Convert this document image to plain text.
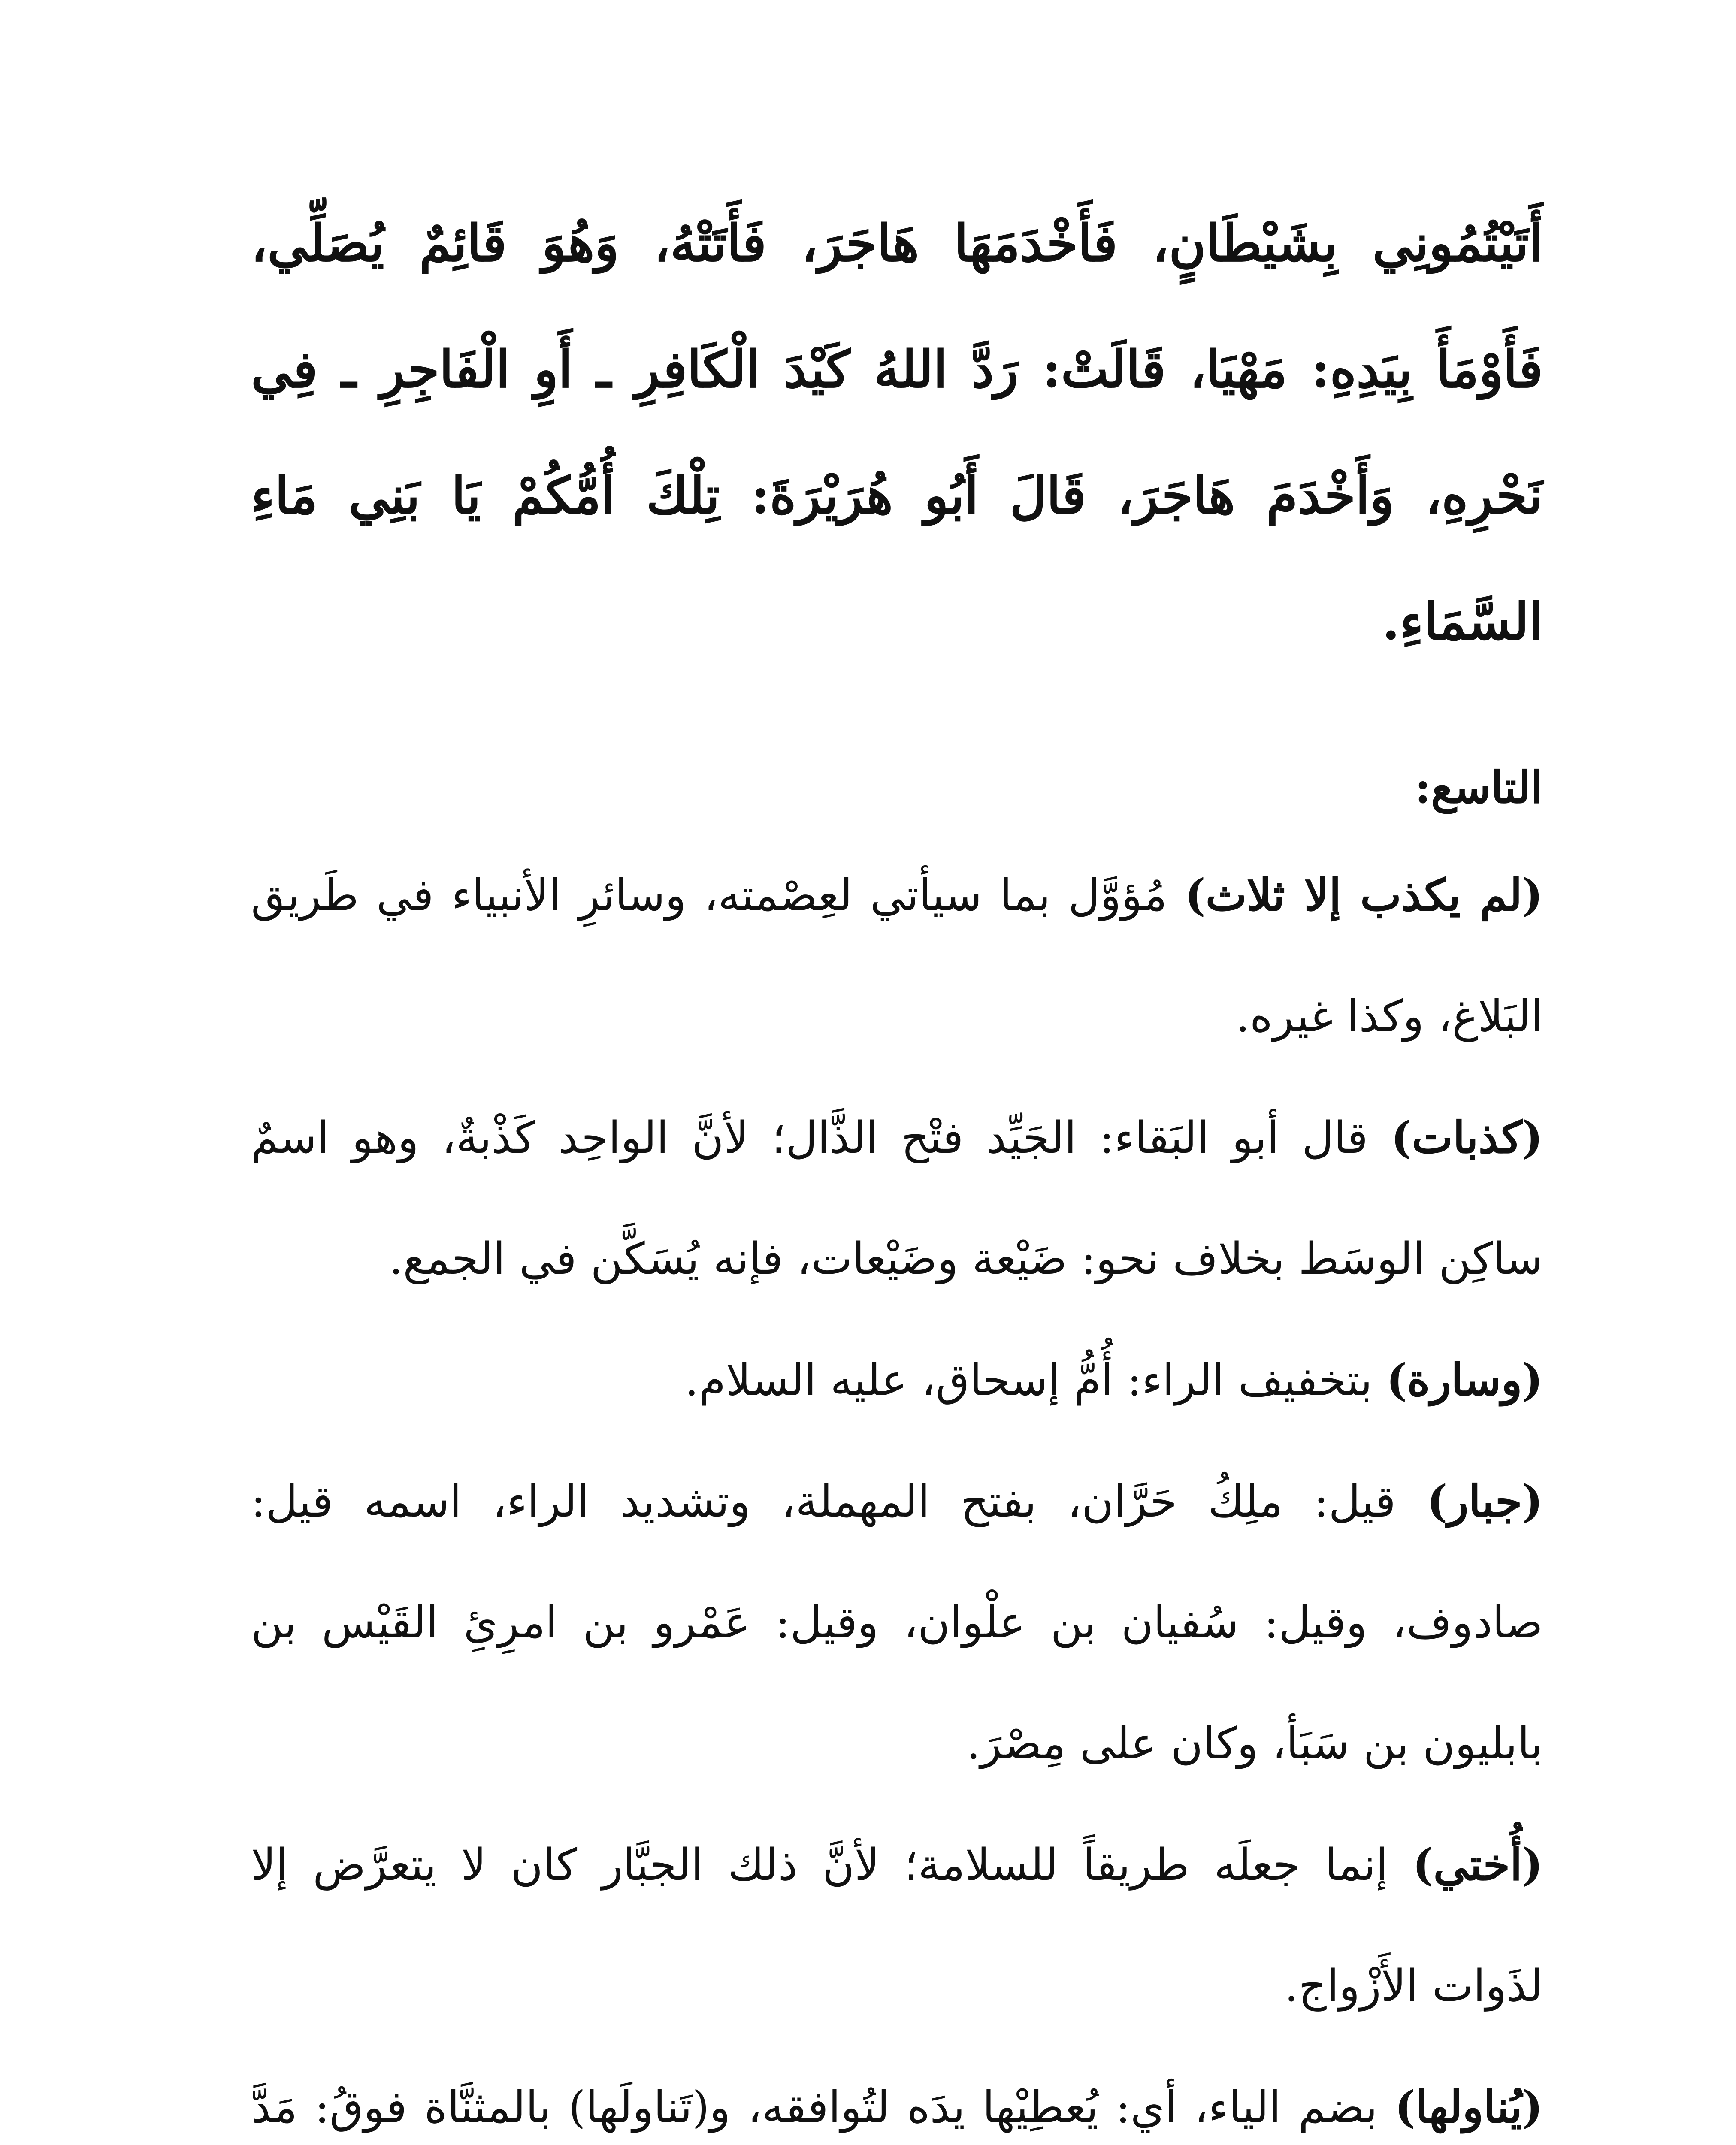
أَتَيْتُمُونِي بِشَيْطَانٍ، فَأَخْدَمَهَا هَاجَرَ، فَأَتَتْهُ، وَهُوَ قَائِمٌ يُصَلِّي، فَأَوْمَأَ بِيَدِهِ: مَهْيَا، قَالَتْ: رَدَّ اللهُ كَيْدَ الْكَافِرِ ـ أَوِ الْفَاجِرِ ـ فِي نَحْرِهِ، وَأَخْدَمَ هَاجَرَ، قَالَ أَبُو هُرَيْرَةَ: تِلْكَ أُمُّكُمْ يَا بَنِي مَاءِ السَّمَاءِ.

التاسع:

(لم يكذب إلا ثلاث) مُؤوَّل بما سيأتي لعِصْمته، وسائرِ الأنبياء في طَريق البَلاغ، وكذا غيره.

(كذبات) قال أبو البَقاء: الجَيِّد فتْح الذَّال؛ لأنَّ الواحِد كَذْبةٌ، وهو اسمٌ ساكِن الوسَط بخلاف نحو: ضَيْعة وضَيْعات، فإنه يُسَكَّن في الجمع.

(وسارة) بتخفيف الراء: أُمُّ إسحاق، عليه السلام.

(جبار) قيل: ملِكُ حَرَّان، بفتح المهملة، وتشديد الراء، اسمه قيل: صادوف، وقيل: سُفيان بن علْوان، وقيل: عَمْرو بن امرِئِ القَيْس بن بابليون بن سَبَأ، وكان على مِصْرَ.

(أُختي) إنما جعلَه طريقاً للسلامة؛ لأنَّ ذلك الجبَّار كان لا يتعرَّض إلا لذَوات الأَزْواج.

(يُناولها) بضم الياء، أي: يُعطِيْها يدَه لتُوافقه، و(تَناولَها) بالمثنَّاة فوقُ: مَدَّ
